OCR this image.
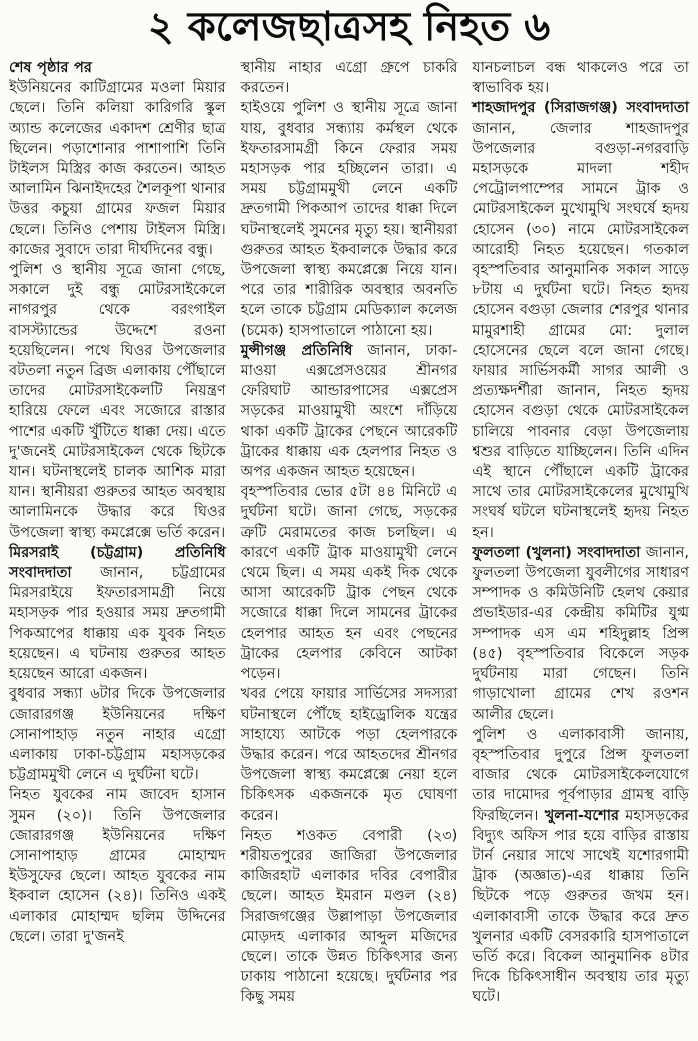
২ কলেজছাত্রসহ নিহত ৬

শেষ পৃষ্ঠার পর

ইউনিয়নের কাটিগ্রামের মওলা মিয়ার ছেলে। তিনি কলিয়া কারিগরি স্কুল অ্যান্ড কলেজের একাদশ শ্রেণীর ছাত্র ছিলেন। পড়াশোনার পাশাপাশি তিনি টাইলস মিস্ত্রির কাজ করতেন। আহত আলামিন ঝিনাইদহের শৈলকূপা থানার উত্তর কচুয়া গ্রামের ফজল মিয়ার ছেলে। তিনিও পেশায় টাইলস মিস্ত্রি। কাজের সুবাদে তারা দীর্ঘদিনের বন্ধু।

পুলিশ ও স্থানীয় সূত্রে জানা গেছে, সকালে দুই বন্ধু মোটরসাইকেলে নাগরপুর থেকে বরংগাইল বাসস্ট্যান্ডের উদ্দেশে রওনা হয়েছিলেন। পথে ঘিওর উপজেলার বটতলা নতুন ব্রিজ এলাকায় পৌঁছালে তাদের মোটরসাইকেলটি নিয়ন্ত্রণ হারিয়ে ফেলে এবং সজোরে রাস্তার পাশের একটি খুঁটিতে ধাক্কা দেয়। এতে দু'জনেই মোটরসাইকেল থেকে ছিটকে যান। ঘটনাস্থলেই চালক আশিক মারা যান। স্থানীয়রা গুরুতর আহত অবস্থায় আলামিনকে উদ্ধার করে ঘিওর উপজেলা স্বাস্থ্য কমপ্লেক্সে ভর্তি করেন।

মিরসরাই (চট্টগ্রাম) প্রতিনিধি সংবাদদাতা জানান, চট্টগ্রামের মিরসরাইয়ে ইফতারসামগ্রী নিয়ে মহাসড়ক পার হওয়ার সময় দ্রুতগামী পিকআপের ধাক্কায় এক যুবক নিহত হয়েছেন। এ ঘটনায় গুরুতর আহত হয়েছেন আরো একজন।

বুধবার সন্ধ্যা ৬টার দিকে উপজেলার জোরারগঞ্জ ইউনিয়নের দক্ষিণ সোনাপাহাড় নতুন নাহার এগ্রো এলাকায় ঢাকা-চট্টগ্রাম মহাসড়কের চট্টগ্রামমুখী লেনে এ দুর্ঘটনা ঘটে।

নিহত যুবকের নাম জাবেদ হাসান সুমন (২০)। তিনি উপজেলার জোরারগঞ্জ ইউনিয়নের দক্ষিণ সোনাপাহাড় গ্রামের মোহাম্মদ ইউসুফের ছেলে। আহত যুবকের নাম ইকবাল হোসেন (২৪)। তিনিও একই এলাকার মোহাম্মদ ছলিম উদ্দিনের ছেলে। তারা দু'জনই

স্থানীয় নাহার এগ্রো গ্রুপে চাকরি করতেন।

হাইওয়ে পুলিশ ও স্থানীয় সূত্রে জানা যায়, বুধবার সন্ধ্যায় কর্মস্থল থেকে ইফতারসামগ্রী কিনে ফেরার সময় মহাসড়ক পার হচ্ছিলেন তারা। এ সময় চট্টগ্রামমুখী লেনে একটি দ্রুতগামী পিকআপ তাদের ধাক্কা দিলে ঘটনাস্থলেই সুমনের মৃত্যু হয়। স্থানীয়রা গুরুতর আহত ইকবালকে উদ্ধার করে উপজেলা স্বাস্থ্য কমপ্লেক্সে নিয়ে যান। পরে তার শারীরিক অবস্থার অবনতি হলে তাকে চট্টগ্রাম মেডিক্যাল কলেজ (চমেক) হাসপাতালে পাঠানো হয়।

মুন্সীগঞ্জ প্রতিনিধি জানান, ঢাকা-মাওয়া এক্সপ্রেসওয়ের শ্রীনগর ফেরিঘাট আন্ডারপাসের এক্সপ্রেস সড়কের মাওয়ামুখী অংশে দাঁড়িয়ে থাকা একটি ট্রাকের পেছনে আরেকটি ট্রাকের ধাক্কায় এক হেলপার নিহত ও অপর একজন আহত হয়েছেন।

বৃহস্পতিবার ভোর ৫টা ৪৪ মিনিটে এ দুর্ঘটনা ঘটে। জানা গেছে, সড়কের ত্রুটি মেরামতের কাজ চলছিল। এ কারণে একটি ট্রাক মাওয়ামুখী লেনে থেমে ছিল। এ সময় একই দিক থেকে আসা আরেকটি ট্রাক পেছন থেকে সজোরে ধাক্কা দিলে সামনের ট্রাকের হেলপার আহত হন এবং পেছনের ট্রাকের হেলপার কেবিনে আটকা পড়েন।

খবর পেয়ে ফায়ার সার্ভিসের সদস্যরা ঘটনাস্থলে পৌঁছে হাইড্রোলিক যন্ত্রের সাহায্যে আটকে পড়া হেলপারকে উদ্ধার করেন। পরে আহতদের শ্রীনগর উপজেলা স্বাস্থ্য কমপ্লেক্সে নেয়া হলে চিকিৎসক একজনকে মৃত ঘোষণা করেন।

নিহত শওকত বেপারী (২৩) শরীয়তপুরের জাজিরা উপজেলার কাজিরহাট এলাকার দবির বেপারীর ছেলে। আহত ইমরান মণ্ডল (২৪) সিরাজগঞ্জের উল্লাপাড়া উপজেলার মোড়দহ এলাকার আব্দুল মজিদের ছেলে। তাকে উন্নত চিকিৎসার জন্য ঢাকায় পাঠানো হয়েছে। দুর্ঘটনার পর কিছু সময়

যানচলাচল বন্ধ থাকলেও পরে তা স্বাভাবিক হয়।

শাহজাদপুর (সিরাজগঞ্জ) সংবাদদাতা জানান, জেলার শাহজাদপুর উপজেলার বগুড়া-নগরবাড়ি মহাসড়কে মাদলা শহীদ পেট্রোলপাম্পের সামনে ট্রাক ও মোটরসাইকেল মুখোমুখি সংঘর্ষে হৃদয় হোসেন (৩০) নামে মোটরসাইকেল আরোহী নিহত হয়েছেন। গতকাল বৃহস্পতিবার আনুমানিক সকাল সাড়ে ৮টায় এ দুর্ঘটনা ঘটে। নিহত হৃদয় হোসেন বগুড়া জেলার শেরপুর থানার মামুরশাহী গ্রামের মো: দুলাল হোসেনের ছেলে বলে জানা গেছে। ফায়ার সার্ভিসকর্মী সাগর আলী ও প্রত্যক্ষদর্শীরা জানান, নিহত হৃদয় হোসেন বগুড়া থেকে মোটরসাইকেল চালিয়ে পাবনার বেড়া উপজেলায় শ্বশুর বাড়িতে যাচ্ছিলেন। তিনি এদিন এই স্থানে পৌঁছালে একটি ট্রাকের সাথে তার মোটরসাইকেলের মুখোমুখি সংঘর্ষ ঘটলে ঘটনাস্থলেই হৃদয় নিহত হন।

ফুলতলা (খুলনা) সংবাদদাতা জানান, ফুলতলা উপজেলা যুবলীগের সাধারণ সম্পাদক ও কমিউনিটি হেলথ কেয়ার প্রভাইডার-এর কেন্দ্রীয় কমিটির যুগ্ম সম্পাদক এস এম শহিদুল্লাহ প্রিন্স (৪৫) বৃহস্পতিবার বিকেলে সড়ক দুর্ঘটনায় মারা গেছেন। তিনি গাড়াখোলা গ্রামের শেখ রওশন আলীর ছেলে।

পুলিশ ও এলাকাবাসী জানায়, বৃহস্পতিবার দুপুরে প্রিন্স ফুলতলা বাজার থেকে মোটরসাইকেলযোগে তার দামোদর পূর্বপাড়ার গ্রামস্থ বাড়ি ফিরছিলেন। খুলনা-যশোর মহাসড়কের বিদ্যুৎ অফিস পার হয়ে বাড়ির রাস্তায় টার্ন নেয়ার সাথে সাথেই যশোরগামী ট্রাক (অজ্ঞাত)-এর ধাক্কায় তিনি ছিটকে পড়ে গুরুতর জখম হন। এলাকাবাসী তাকে উদ্ধার করে দ্রুত খুলনার একটি বেসরকারি হাসপাতালে ভর্তি করে। বিকেল আনুমানিক ৪টার দিকে চিকিৎসাধীন অবস্থায় তার মৃত্যু ঘটে।
